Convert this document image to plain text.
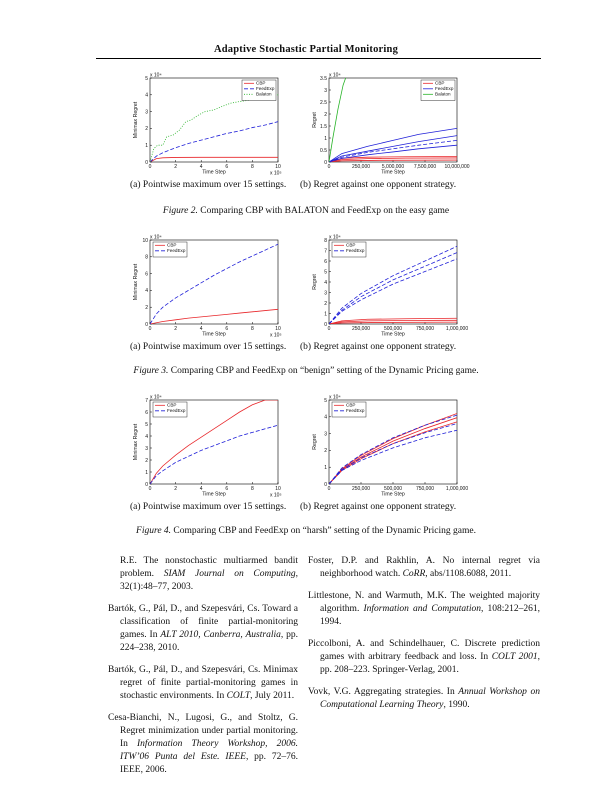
Adaptive Stochastic Partial Monitoring
0
1
2
3
4
5
0	2	4	6	8	10
x 10⁴
x 10⁵
Time Step
Minimax Regret
CBP
FeedExp
Balaton
0
0.5
1
1.5
2
2.5
3
3.5
0	250,000 5,000,000 7,500,000 10,000,000
x 10⁴
Time Step
Regret
CBP
FeedExp
Balaton
(a) Pointwise maximum over 15 settings. (b) Regret against one opponent strategy.
Figure 2. Comparing CBP with BALATON and FeedExp on the easy game
0
2
4
6
8
10
0	2	4	6	8	10
x 10⁴
x 10⁵
Time Step
Minimax Regret
CBP
FeedExp
0
1
2
3
4
5
6
7
8
0	250,000	500,000	750,000 1,000,000
x 10⁴
Time Step
Regret
CBP
FeedExp
(a) Pointwise maximum over 15 settings. (b) Regret against one opponent strategy.
Figure 3. Comparing CBP and FeedExp on “benign” setting of the Dynamic Pricing game.
0
1
2
3
4
5
6
7
0	2	4	6	8	10
x 10⁴
x 10⁵
Time Step
Minimax Regret
CBP
FeedExp
0
1
2
3
4
5
0	250,000	500,000	750,000 1,000,000
x 10⁴
Time Step
Regret
CBP
FeedExp
(a) Pointwise maximum over 15 settings. (b) Regret against one opponent strategy.
Figure 4. Comparing CBP and FeedExp on “harsh” setting of the Dynamic Pricing game.

R.E. The nonstochastic multiarmed bandit problem. SIAM Journal on Computing, 32(1):48–77, 2003.

Bartók, G., Pál, D., and Szepesvári, Cs. Toward a classification of finite partial-monitoring games. In ALT 2010, Canberra, Australia, pp. 224–238, 2010.

Bartók, G., Pál, D., and Szepesvári, Cs. Minimax regret of finite partial-monitoring games in stochastic environments. In COLT, July 2011.

Cesa-Bianchi, N., Lugosi, G., and Stoltz, G. Regret minimization under partial monitoring. In Information Theory Workshop, 2006. ITW’06 Punta del Este. IEEE, pp. 72–76. IEEE, 2006.

Foster, D.P. and Rakhlin, A. No internal regret via neighborhood watch. CoRR, abs/1108.6088, 2011.

Littlestone, N. and Warmuth, M.K. The weighted majority algorithm. Information and Computation, 108:212–261, 1994.

Piccolboni, A. and Schindelhauer, C. Discrete prediction games with arbitrary feedback and loss. In COLT 2001, pp. 208–223. Springer-Verlag, 2001.

Vovk, V.G. Aggregating strategies. In Annual Workshop on Computational Learning Theory, 1990.
